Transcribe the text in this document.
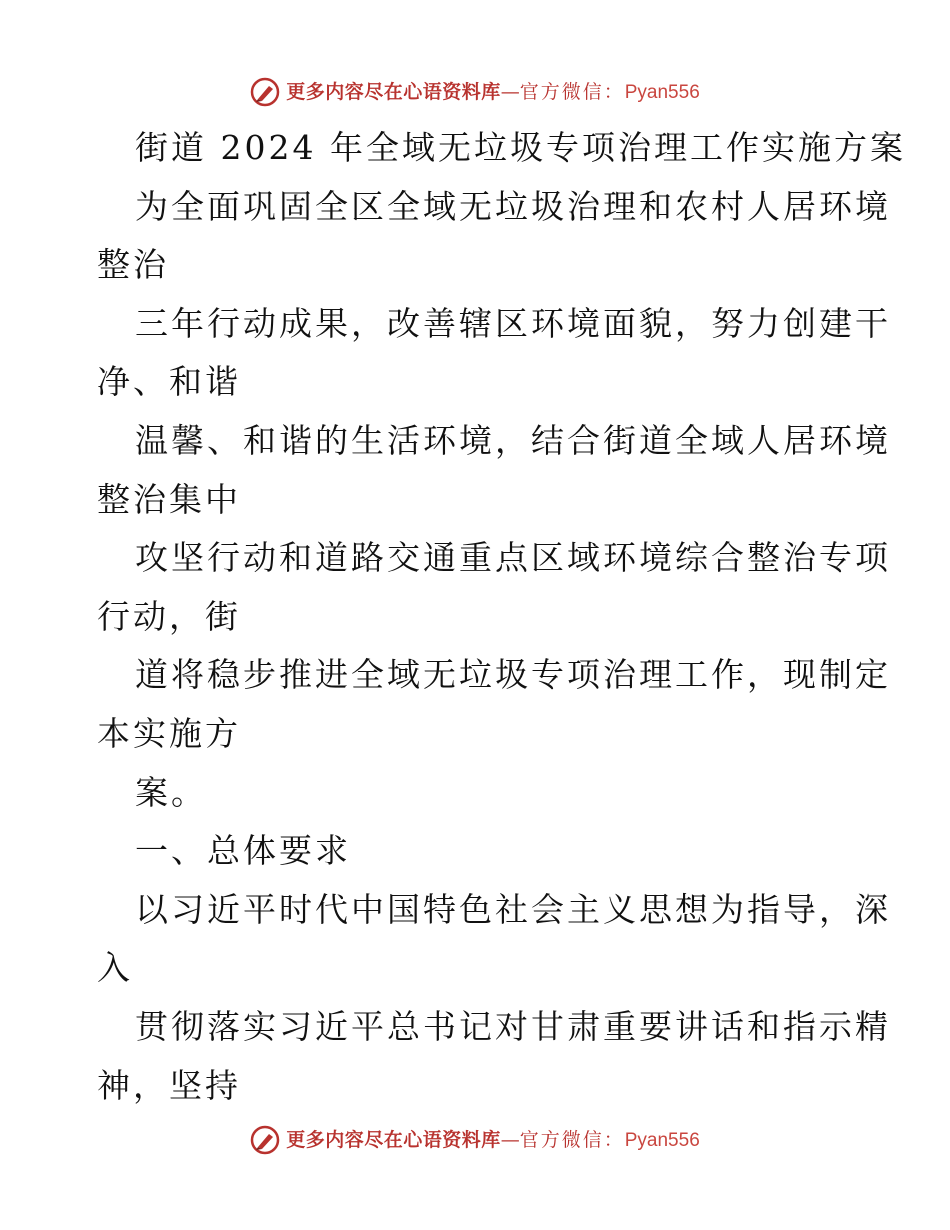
更多内容尽在心语资料库 — 官方微信： Pyan556
街道 2024 年全域无垃圾专项治理工作实施方案
为全面巩固全区全域无垃圾治理和农村人居环境
整治
三年行动成果，改善辖区环境面貌，努力创建干
净、和谐
温馨、和谐的生活环境，结合街道全域人居环境
整治集中
攻坚行动和道路交通重点区域环境综合整治专项
行动，街
道将稳步推进全域无垃圾专项治理工作，现制定
本实施方
案。
一、总体要求
以习近平时代中国特色社会主义思想为指导，深
入
贯彻落实习近平总书记对甘肃重要讲话和指示精
神，坚持
更多内容尽在心语资料库 — 官方微信： Pyan556
